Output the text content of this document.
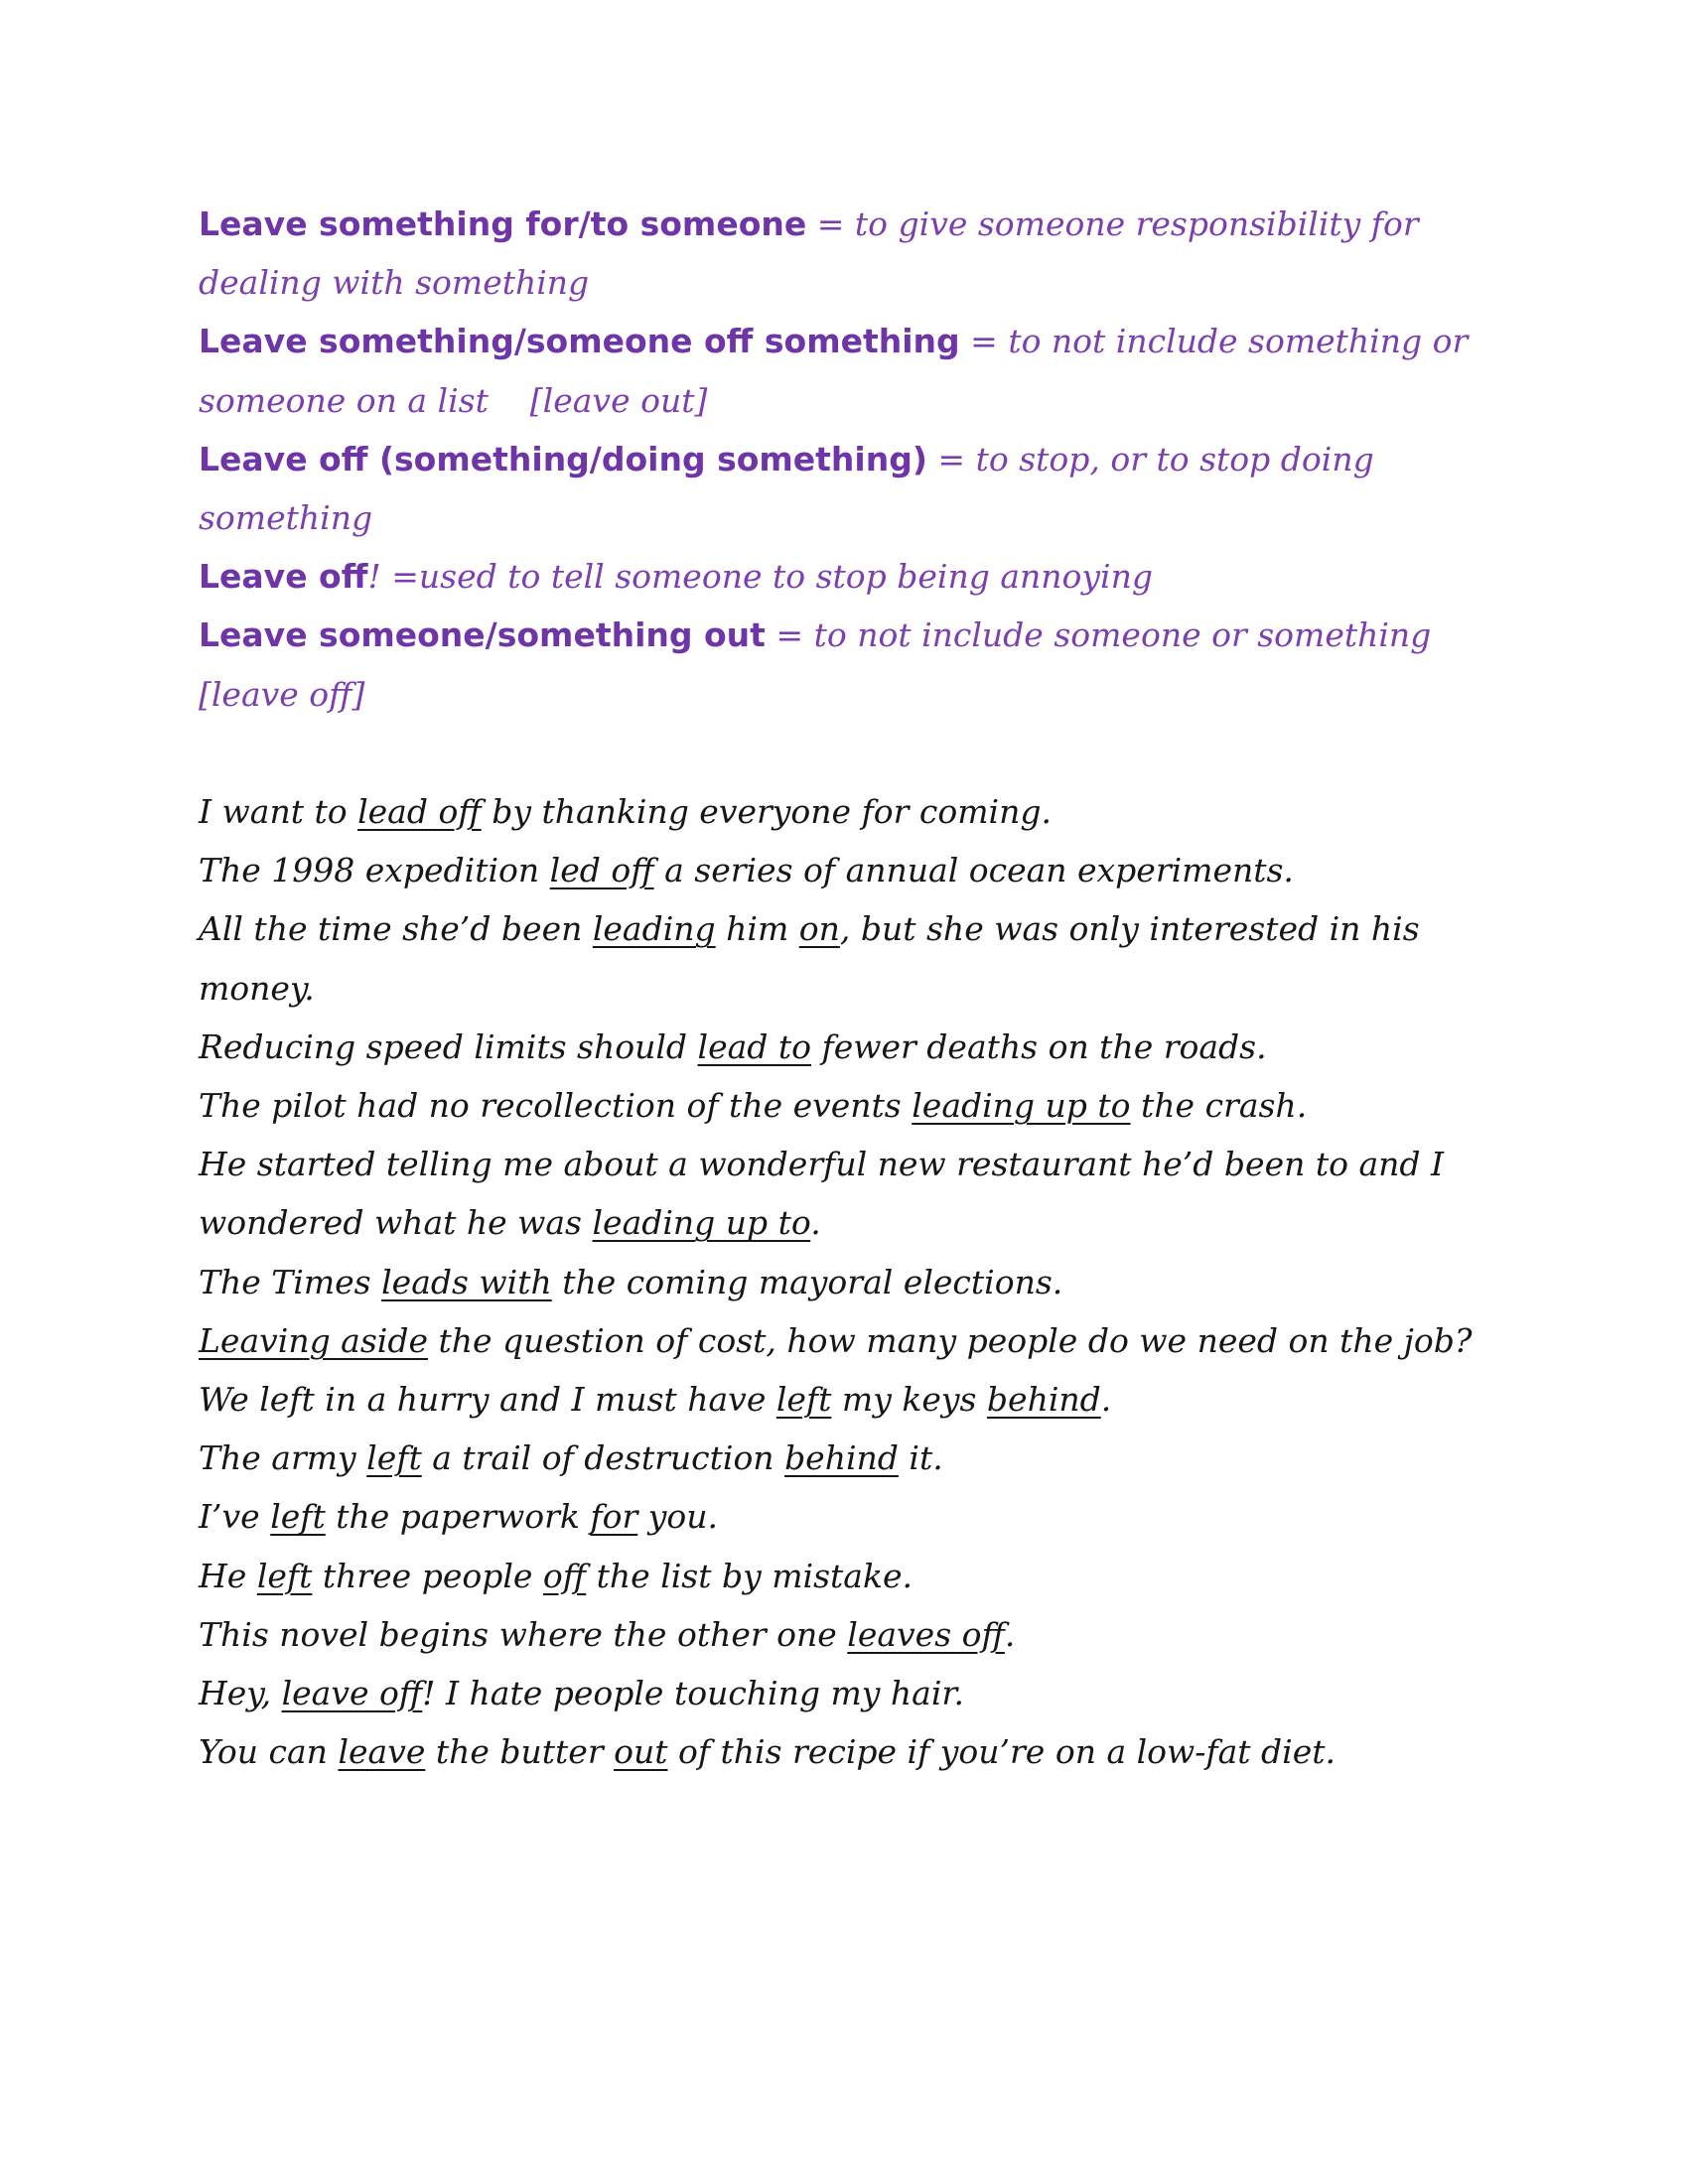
Leave something for/to someone = to give someone responsibility for dealing with something

Leave something/someone off something = to not include something or someone on a list    [leave out]

Leave off (something/doing something) = to stop, or to stop doing something

Leave off! =used to tell someone to stop being annoying

Leave someone/something out = to not include someone or something [leave off]

I want to lead off by thanking everyone for coming.

The 1998 expedition led off a series of annual ocean experiments.

All the time she’d been leading him on, but she was only interested in his money.

Reducing speed limits should lead to fewer deaths on the roads.

The pilot had no recollection of the events leading up to the crash.

He started telling me about a wonderful new restaurant he’d been to and I wondered what he was leading up to.

The Times leads with the coming mayoral elections.

Leaving aside the question of cost, how many people do we need on the job?

We left in a hurry and I must have left my keys behind.

The army left a trail of destruction behind it.

I’ve left the paperwork for you.

He left three people off the list by mistake.

This novel begins where the other one leaves off.

Hey, leave off! I hate people touching my hair.

You can leave the butter out of this recipe if you’re on a low-fat diet.
